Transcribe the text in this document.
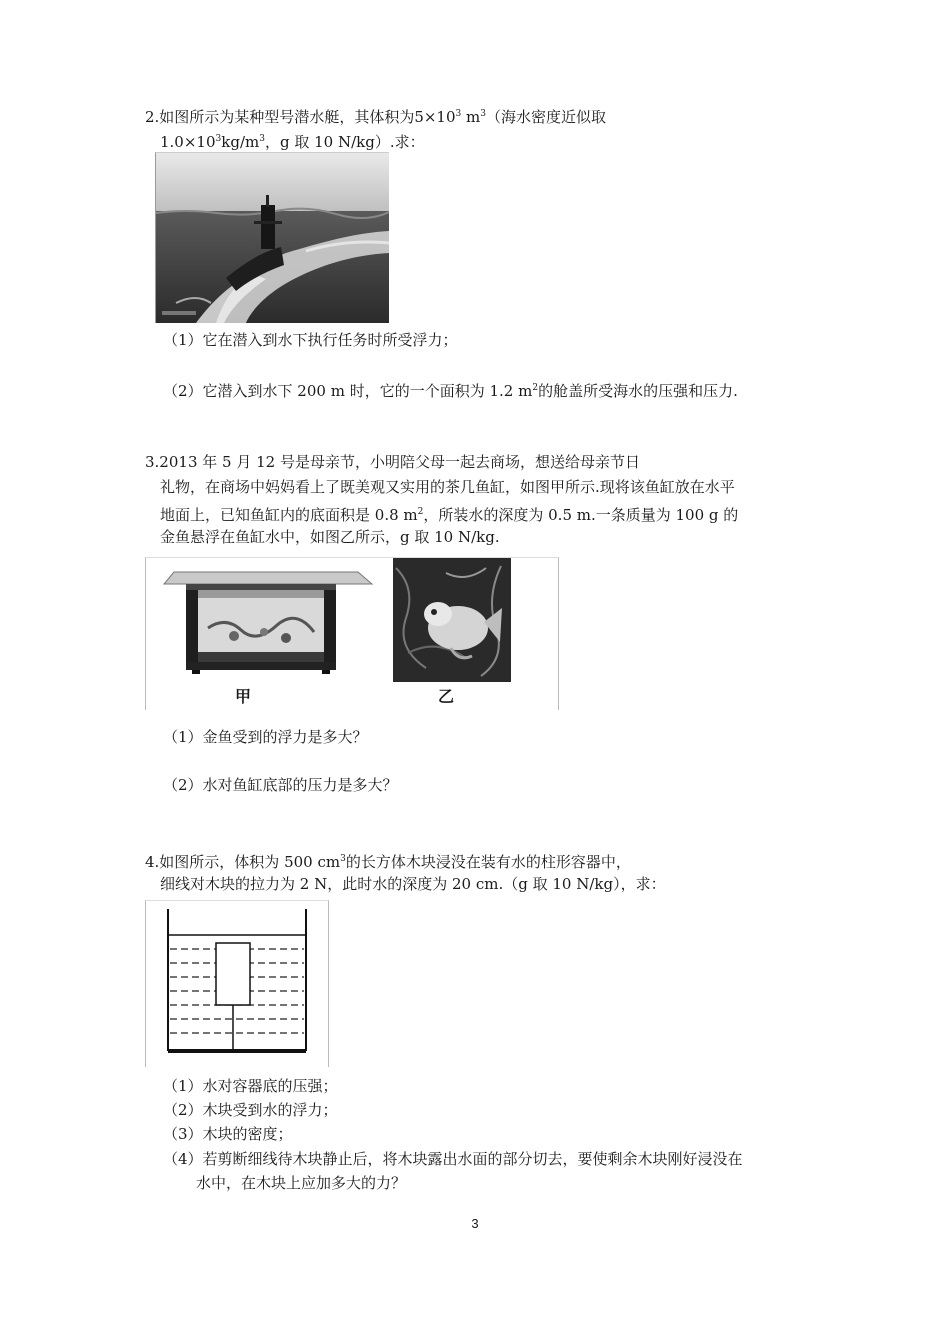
2.如图所示为某种型号潜水艇，其体积为$5\times 10^3$ $m^3$（海水密度近似取
$1.0\times 10^3kg/m^3$，g 取 10 N/kg）.求：
（1）它在潜入到水下执行任务时所受浮力；
（2）它潜入到水下 200 m 时，它的一个面积为 1.2 $m^2$的舱盖所受海水的压强和压力.
3.2013 年 5 月 12 号是母亲节，小明陪父母一起去商场，想送给母亲节日
礼物，在商场中妈妈看上了既美观又实用的茶几鱼缸，如图甲所示.现将该鱼缸放在水平
地面上，已知鱼缸内的底面积是 0.8 $m^2$，所装水的深度为 0.5 m.一条质量为 100 g 的
金鱼悬浮在鱼缸水中，如图乙所示，g 取 10 N/kg.
甲	乙
（1）金鱼受到的浮力是多大？
（2）水对鱼缸底部的压力是多大？
4.如图所示，体积为 500 $cm^3$的长方体木块浸没在装有水的柱形容器中，
细线对木块的拉力为 2 N，此时水的深度为 20 cm.（g 取 10 N/kg），求：
（1）水对容器底的压强；
（2）木块受到水的浮力；
（3）木块的密度；
（4）若剪断细线待木块静止后，将木块露出水面的部分切去，要使剩余木块刚好浸没在
水中，在木块上应加多大的力？
3
